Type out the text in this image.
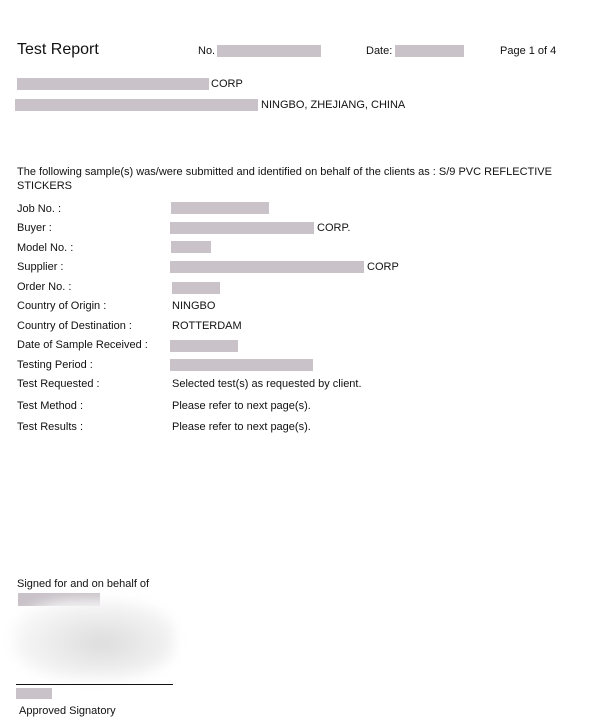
Test Report	No.	Date:	Page 1 of 4
CORP
NINGBO, ZHEJIANG, CHINA
The following sample(s) was/were submitted and identified on behalf of the clients as : S/9 PVC REFLECTIVE
STICKERS
Job No. :
Buyer :	CORP.
Model No. :
Supplier :	CORP
Order No. :
Country of Origin :	NINGBO
Country of Destination :	ROTTERDAM
Date of Sample Received :
Testing Period :
Test Requested :	Selected test(s) as requested by client.
Test Method :	Please refer to next page(s).
Test Results :	Please refer to next page(s).
Signed for and on behalf of
Approved Signatory
